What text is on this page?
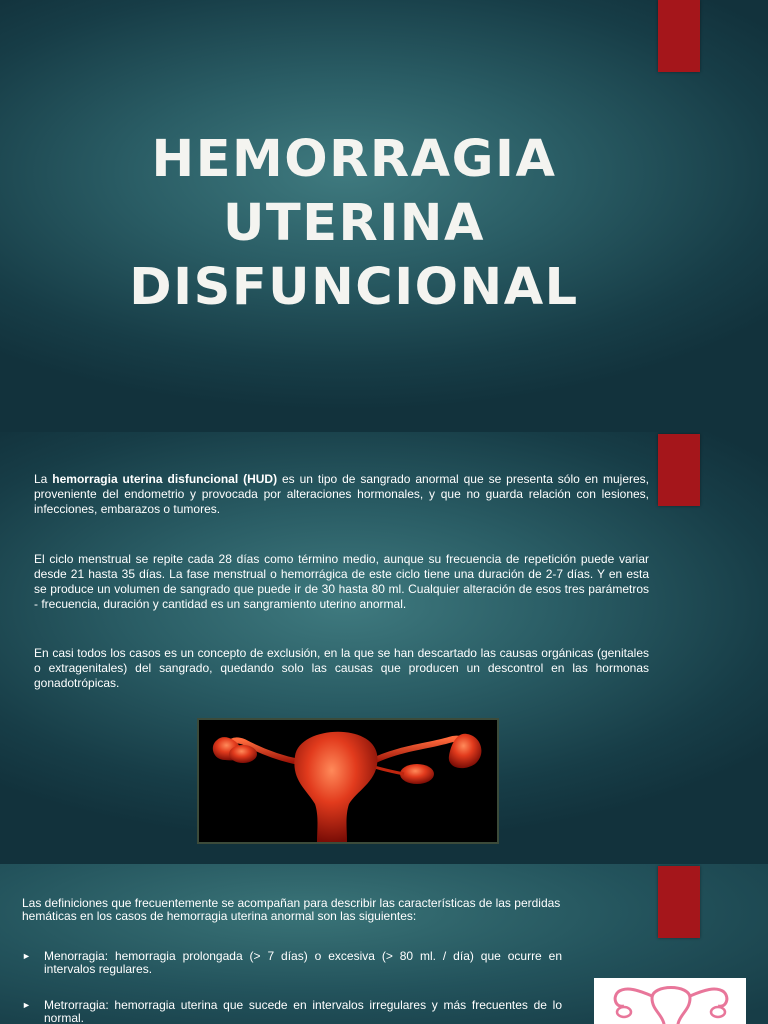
HEMORRAGIA
UTERINA
DISFUNCIONAL

La hemorragia uterina disfuncional (HUD) es un tipo de sangrado anormal que se presenta sólo en mujeres, proveniente del endometrio y provocada por alteraciones hormonales, y que no guarda relación con lesiones, infecciones, embarazos o tumores.

El ciclo menstrual se repite cada 28 días como término medio, aunque su frecuencia de repetición puede variar desde 21 hasta 35 días. La fase menstrual o hemorrágica de este ciclo tiene una duración de 2-7 días. Y en esta se produce un volumen de sangrado que puede ir de 30 hasta 80 ml. Cualquier alteración de esos tres parámetros - frecuencia, duración y cantidad es un sangramiento uterino anormal.

En casi todos los casos es un concepto de exclusión, en la que se han descartado las causas orgánicas (genitales o extragenitales) del sangrado, quedando solo las causas que producen un descontrol en las hormonas gonadotrópicas.

Las definiciones que frecuentemente se acompañan para describir las características de las perdidas hemáticas en los casos de hemorragia uterina anormal son las siguientes:

► Menorragia: hemorragia prolongada (> 7 días) o excesiva (> 80 ml. / día) que ocurre en intervalos regulares.
► Metrorragia: hemorragia uterina que sucede en intervalos irregulares y más frecuentes de lo normal.
